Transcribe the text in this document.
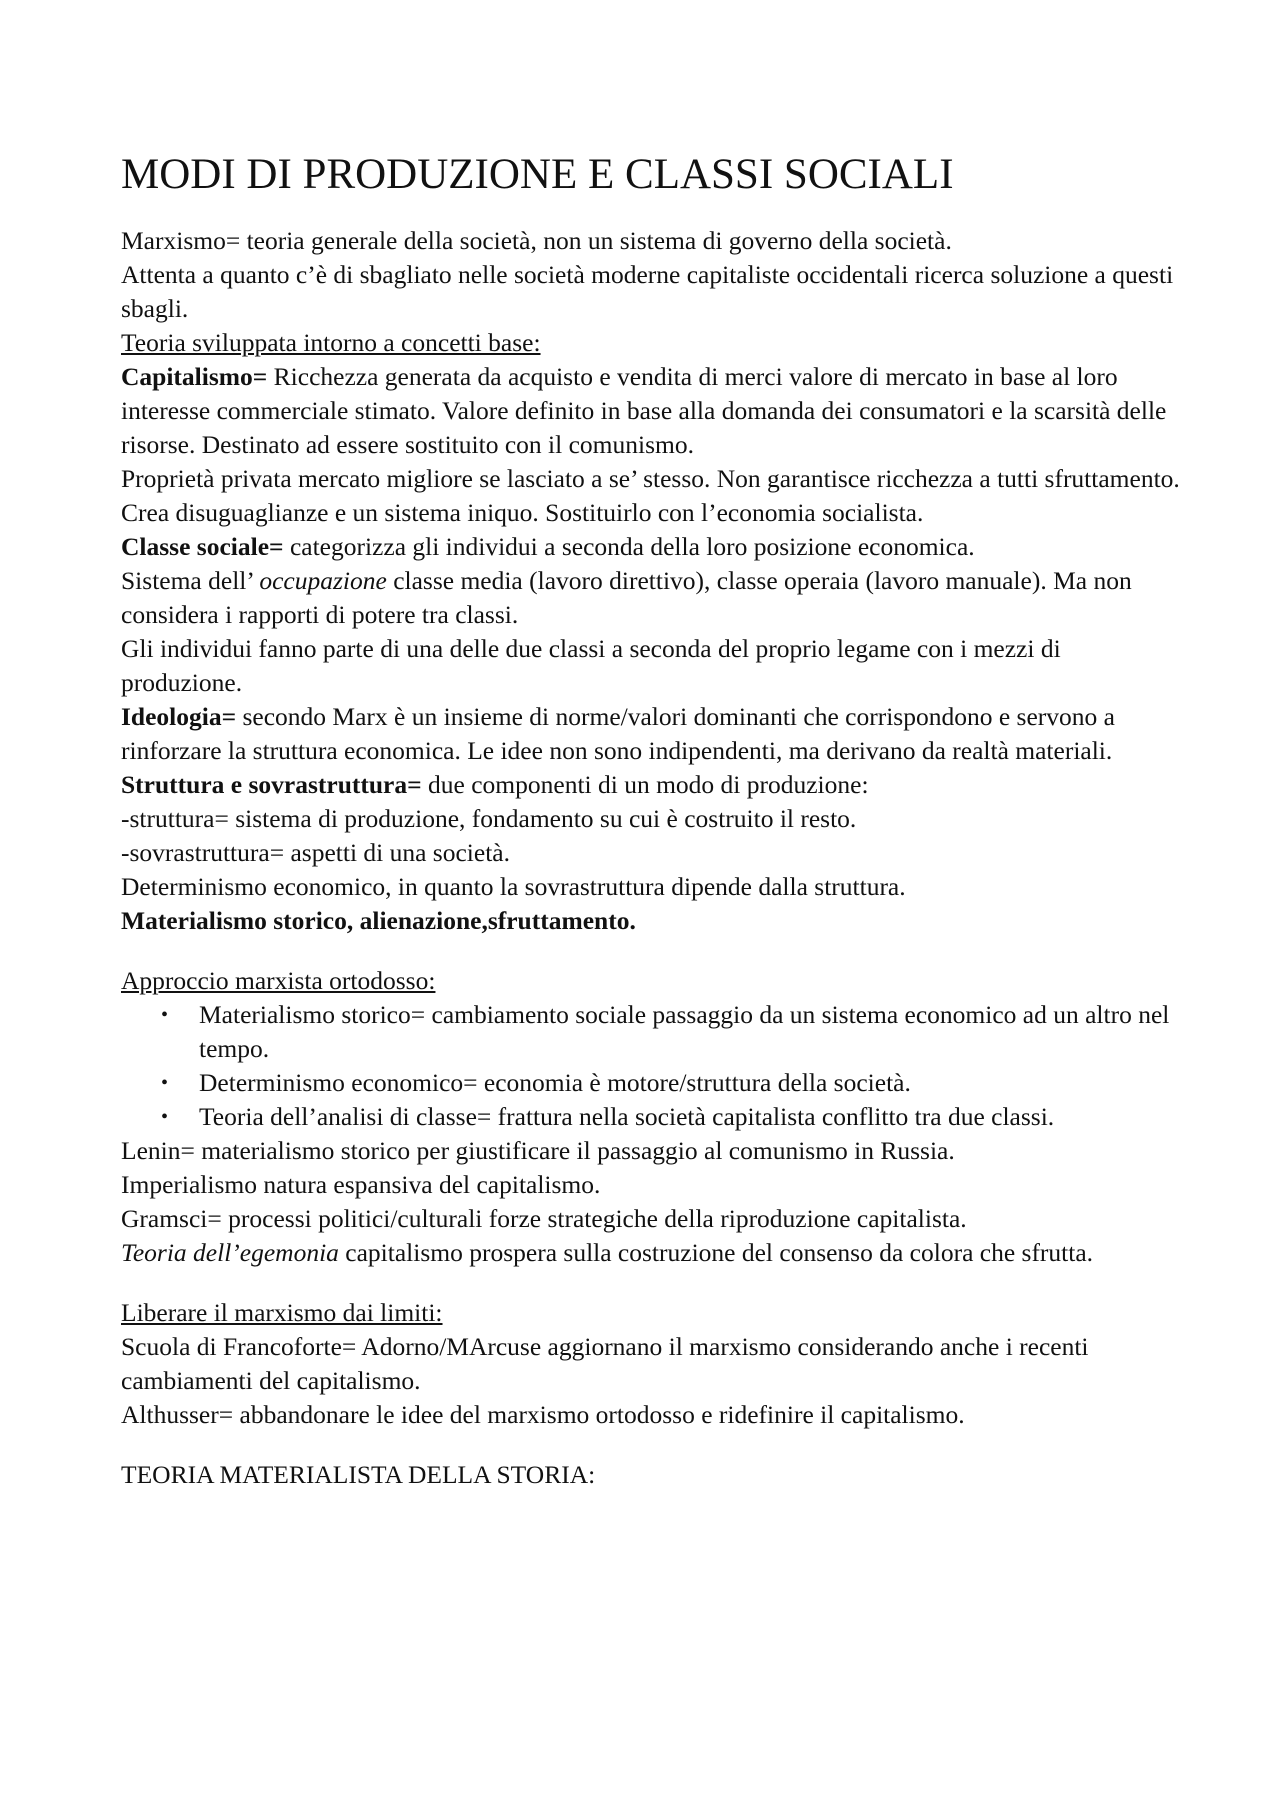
MODI DI PRODUZIONE E CLASSI SOCIALI

Marxismo= teoria generale della società, non un sistema di governo della società.

Attenta a quanto c’è di sbagliato nelle società moderne capitaliste occidentali ricerca soluzione a questi sbagli.

Teoria sviluppata intorno a concetti base:

Capitalismo= Ricchezza generata da acquisto e vendita di merci valore di mercato in base al loro interesse commerciale stimato. Valore definito in base alla domanda dei consumatori e la scarsità delle risorse. Destinato ad essere sostituito con il comunismo.

Proprietà privata mercato migliore se lasciato a se’ stesso. Non garantisce ricchezza a tutti sfruttamento. Crea disuguaglianze e un sistema iniquo. Sostituirlo con l’economia socialista.

Classe sociale= categorizza gli individui a seconda della loro posizione economica.

Sistema dell’ occupazione classe media (lavoro direttivo), classe operaia (lavoro manuale). Ma non considera i rapporti di potere tra classi.

Gli individui fanno parte di una delle due classi a seconda del proprio legame con i mezzi di produzione.

Ideologia= secondo Marx è un insieme di norme/valori dominanti che corrispondono e servono a rinforzare la struttura economica. Le idee non sono indipendenti, ma derivano da realtà materiali.

Struttura e sovrastruttura= due componenti di un modo di produzione:

-struttura= sistema di produzione, fondamento su cui è costruito il resto.

-sovrastruttura= aspetti di una società.

Determinismo economico, in quanto la sovrastruttura dipende dalla struttura.

Materialismo storico, alienazione,sfruttamento.

Approccio marxista ortodosso:

• Materialismo storico= cambiamento sociale passaggio da un sistema economico ad un altro nel tempo.
• Determinismo economico= economia è motore/struttura della società.
• Teoria dell’analisi di classe= frattura nella società capitalista conflitto tra due classi.

Lenin= materialismo storico per giustificare il passaggio al comunismo in Russia.

Imperialismo natura espansiva del capitalismo.

Gramsci= processi politici/culturali forze strategiche della riproduzione capitalista.

Teoria dell’egemonia capitalismo prospera sulla costruzione del consenso da colora che sfrutta.

Liberare il marxismo dai limiti:

Scuola di Francoforte= Adorno/MArcuse aggiornano il marxismo considerando anche i recenti cambiamenti del capitalismo.

Althusser= abbandonare le idee del marxismo ortodosso e ridefinire il capitalismo.

TEORIA MATERIALISTA DELLA STORIA:
